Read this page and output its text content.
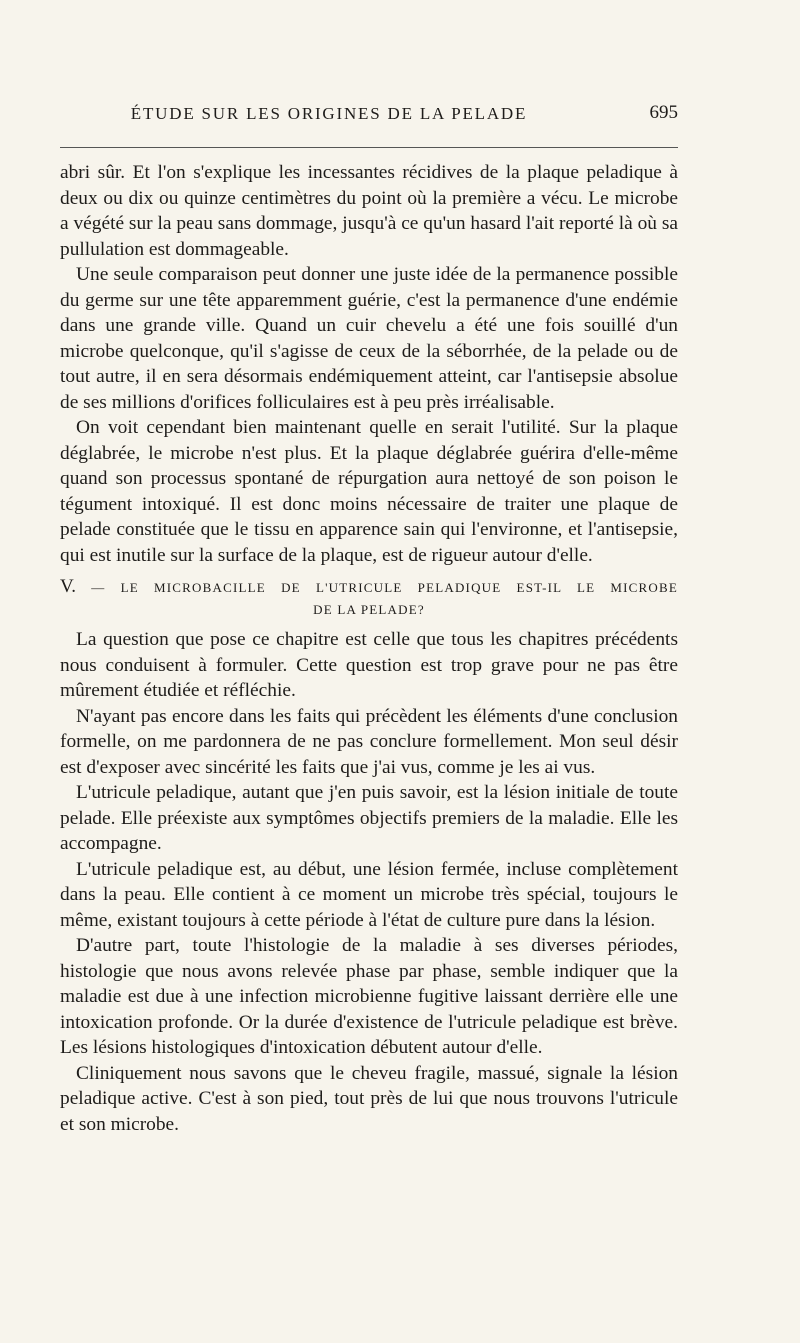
ÉTUDE SUR LES ORIGINES DE LA PELADE	695

abri sûr. Et l'on s'explique les incessantes récidives de la plaque peladique à deux ou dix ou quinze centimètres du point où la première a vécu. Le microbe a végété sur la peau sans dommage, jusqu'à ce qu'un hasard l'ait reporté là où sa pullulation est dommageable.

Une seule comparaison peut donner une juste idée de la permanence possible du germe sur une tête apparemment guérie, c'est la permanence d'une endémie dans une grande ville. Quand un cuir chevelu a été une fois souillé d'un microbe quelconque, qu'il s'agisse de ceux de la séborrhée, de la pelade ou de tout autre, il en sera désormais endémiquement atteint, car l'antisepsie absolue de ses millions d'orifices folliculaires est à peu près irréalisable.

On voit cependant bien maintenant quelle en serait l'utilité. Sur la plaque déglabrée, le microbe n'est plus. Et la plaque déglabrée guérira d'elle-même quand son processus spontané de répurgation aura nettoyé de son poison le tégument intoxiqué. Il est donc moins nécessaire de traiter une plaque de pelade constituée que le tissu en apparence sain qui l'environne, et l'antisepsie, qui est inutile sur la surface de la plaque, est de rigueur autour d'elle.

V. — LE MICROBACILLE DE L'UTRICULE PELADIQUE EST-IL LE MICROBE
DE LA PELADE?

La question que pose ce chapitre est celle que tous les chapitres précédents nous conduisent à formuler. Cette question est trop grave pour ne pas être mûrement étudiée et réfléchie.

N'ayant pas encore dans les faits qui précèdent les éléments d'une conclusion formelle, on me pardonnera de ne pas conclure formellement. Mon seul désir est d'exposer avec sincérité les faits que j'ai vus, comme je les ai vus.

L'utricule peladique, autant que j'en puis savoir, est la lésion initiale de toute pelade. Elle préexiste aux symptômes objectifs premiers de la maladie. Elle les accompagne.

L'utricule peladique est, au début, une lésion fermée, incluse complètement dans la peau. Elle contient à ce moment un microbe très spécial, toujours le même, existant toujours à cette période à l'état de culture pure dans la lésion.

D'autre part, toute l'histologie de la maladie à ses diverses périodes, histologie que nous avons relevée phase par phase, semble indiquer que la maladie est due à une infection microbienne fugitive laissant derrière elle une intoxication profonde. Or la durée d'existence de l'utricule peladique est brève. Les lésions histologiques d'intoxication débutent autour d'elle.

Cliniquement nous savons que le cheveu fragile, massué, signale la lésion peladique active. C'est à son pied, tout près de lui que nous trouvons l'utricule et son microbe.
